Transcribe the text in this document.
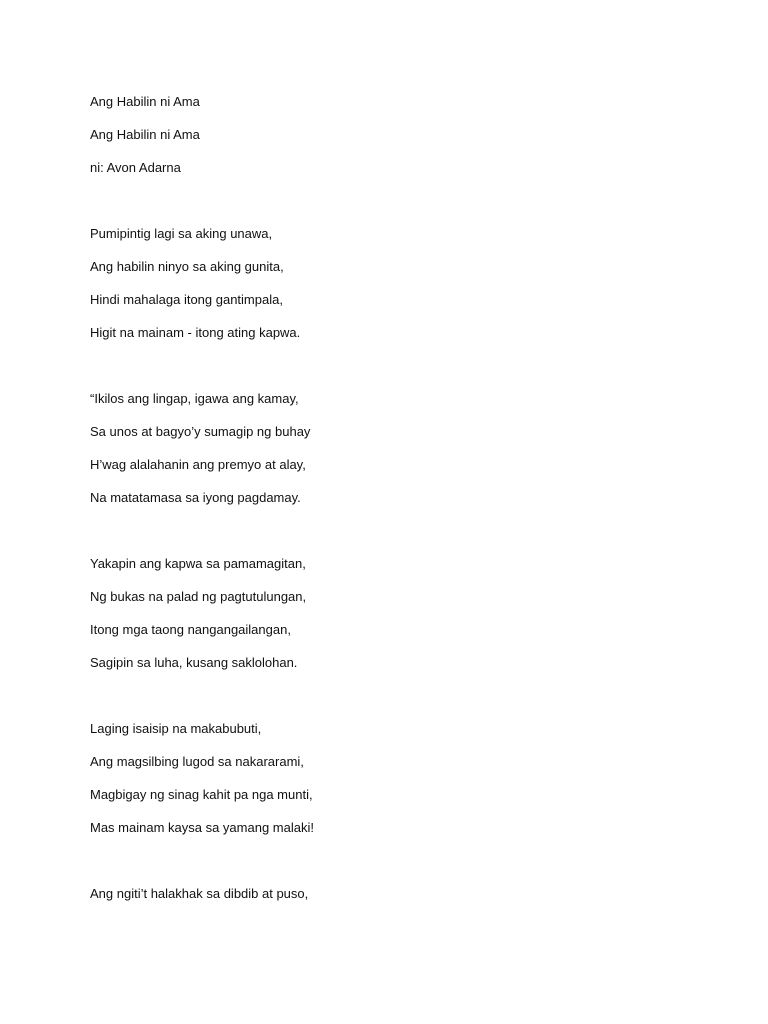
Ang Habilin ni Ama
Ang Habilin ni Ama
ni: Avon Adarna
Pumipintig lagi sa aking unawa,
Ang habilin ninyo sa aking gunita,
Hindi mahalaga itong gantimpala,
Higit na mainam - itong ating kapwa.
“Ikilos ang lingap, igawa ang kamay,
Sa unos at bagyo’y sumagip ng buhay
H’wag alalahanin ang premyo at alay,
Na matatamasa sa iyong pagdamay.
Yakapin ang kapwa sa pamamagitan,
Ng bukas na palad ng pagtutulungan,
Itong mga taong nangangailangan,
Sagipin sa luha, kusang saklolohan.
Laging isaisip na makabubuti,
Ang magsilbing lugod sa nakararami,
Magbigay ng sinag kahit pa nga munti,
Mas mainam kaysa sa yamang malaki!
Ang ngiti’t halakhak sa dibdib at puso,
